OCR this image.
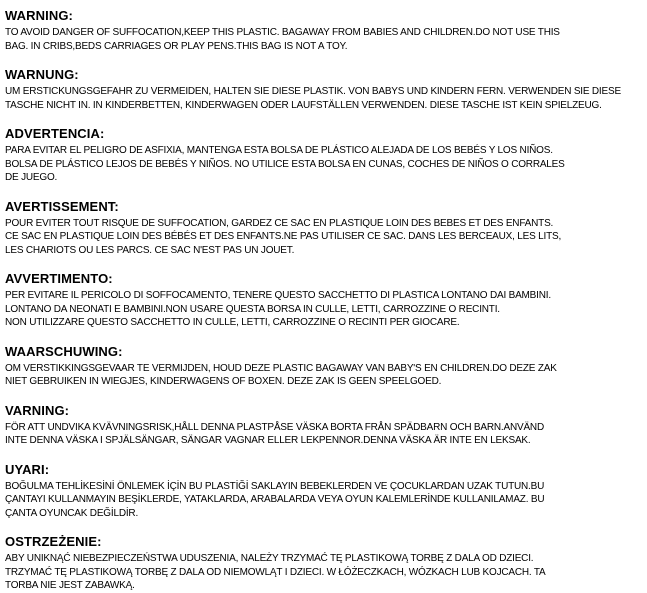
WARNING:

TO AVOID DANGER OF SUFFOCATION,KEEP THIS PLASTIC. BAGAWAY FROM BABIES AND CHILDREN.DO NOT USE THIS

BAG. IN CRIBS,BEDS CARRIAGES OR PLAY PENS.THIS BAG IS NOT A TOY.

WARNUNG:

UM ERSTICKUNGSGEFAHR ZU VERMEIDEN, HALTEN SIE DIESE PLASTIK. VON BABYS UND KINDERN FERN. VERWENDEN SIE DIESE

TASCHE NICHT IN. IN KINDERBETTEN, KINDERWAGEN ODER LAUFSTÄLLEN VERWENDEN. DIESE TASCHE IST KEIN SPIELZEUG.

ADVERTENCIA:

PARA EVITAR EL PELIGRO DE ASFIXIA, MANTENGA ESTA BOLSA DE PLÁSTICO ALEJADA DE LOS BEBÉS Y LOS NIÑOS.

BOLSA DE PLÁSTICO LEJOS DE BEBÉS Y NIÑOS. NO UTILICE ESTA BOLSA EN CUNAS, COCHES DE NIÑOS O CORRALES

DE JUEGO.

AVERTISSEMENT:

POUR EVITER TOUT RISQUE DE SUFFOCATION, GARDEZ CE SAC EN PLASTIQUE LOIN DES BEBES ET DES ENFANTS.

CE SAC EN PLASTIQUE LOIN DES BÉBÉS ET DES ENFANTS.NE PAS UTILISER CE SAC. DANS LES BERCEAUX, LES LITS,

LES CHARIOTS OU LES PARCS. CE SAC N'EST PAS UN JOUET.

AVVERTIMENTO:

PER EVITARE IL PERICOLO DI SOFFOCAMENTO, TENERE QUESTO SACCHETTO DI PLASTICA LONTANO DAI BAMBINI.

LONTANO DA NEONATI E BAMBINI.NON USARE QUESTA BORSA IN CULLE, LETTI, CARROZZINE O RECINTI.

NON UTILIZZARE QUESTO SACCHETTO IN CULLE, LETTI, CARROZZINE O RECINTI PER GIOCARE.

WAARSCHUWING:

OM VERSTIKKINGSGEVAAR TE VERMIJDEN, HOUD DEZE PLASTIC BAGAWAY VAN BABY'S EN CHILDREN.DO DEZE ZAK

NIET GEBRUIKEN IN WIEGJES, KINDERWAGENS OF BOXEN. DEZE ZAK IS GEEN SPEELGOED.

VARNING:

FÖR ATT UNDVIKA KVÄVNINGSRISK,HÅLL DENNA PLASTPÅSE VÄSKA BORTA FRÅN SPÄDBARN OCH BARN.ANVÄND

INTE DENNA VÄSKA I SPJÄLSÄNGAR, SÄNGAR VAGNAR ELLER LEKPENNOR.DENNA VÄSKA ÄR INTE EN LEKSAK.

UYARI:

BOĞULMA TEHLİKESİNİ ÖNLEMEK İÇİN BU PLASTİĞİ SAKLAYIN BEBEKLERDEN VE ÇOCUKLARDAN UZAK TUTUN.BU

ÇANTAYI KULLANMAYIN BEŞİKLERDE, YATAKLARDA, ARABALARDA VEYA OYUN KALEMLERİNDE KULLANILAMAZ. BU

ÇANTA OYUNCAK DEĞİLDİR.

OSTRZEŻENIE:

ABY UNIKNĄĆ NIEBEZPIECZEŃSTWA UDUSZENIA, NALEŻY TRZYMAĆ TĘ PLASTIKOWĄ TORBĘ Z DALA OD DZIECI.

TRZYMAĆ TĘ PLASTIKOWĄ TORBĘ Z DALA OD NIEMOWLĄT I DZIECI. W ŁÓŻECZKACH, WÓZKACH LUB KOJCACH. TA

TORBA NIE JEST ZABAWKĄ.
